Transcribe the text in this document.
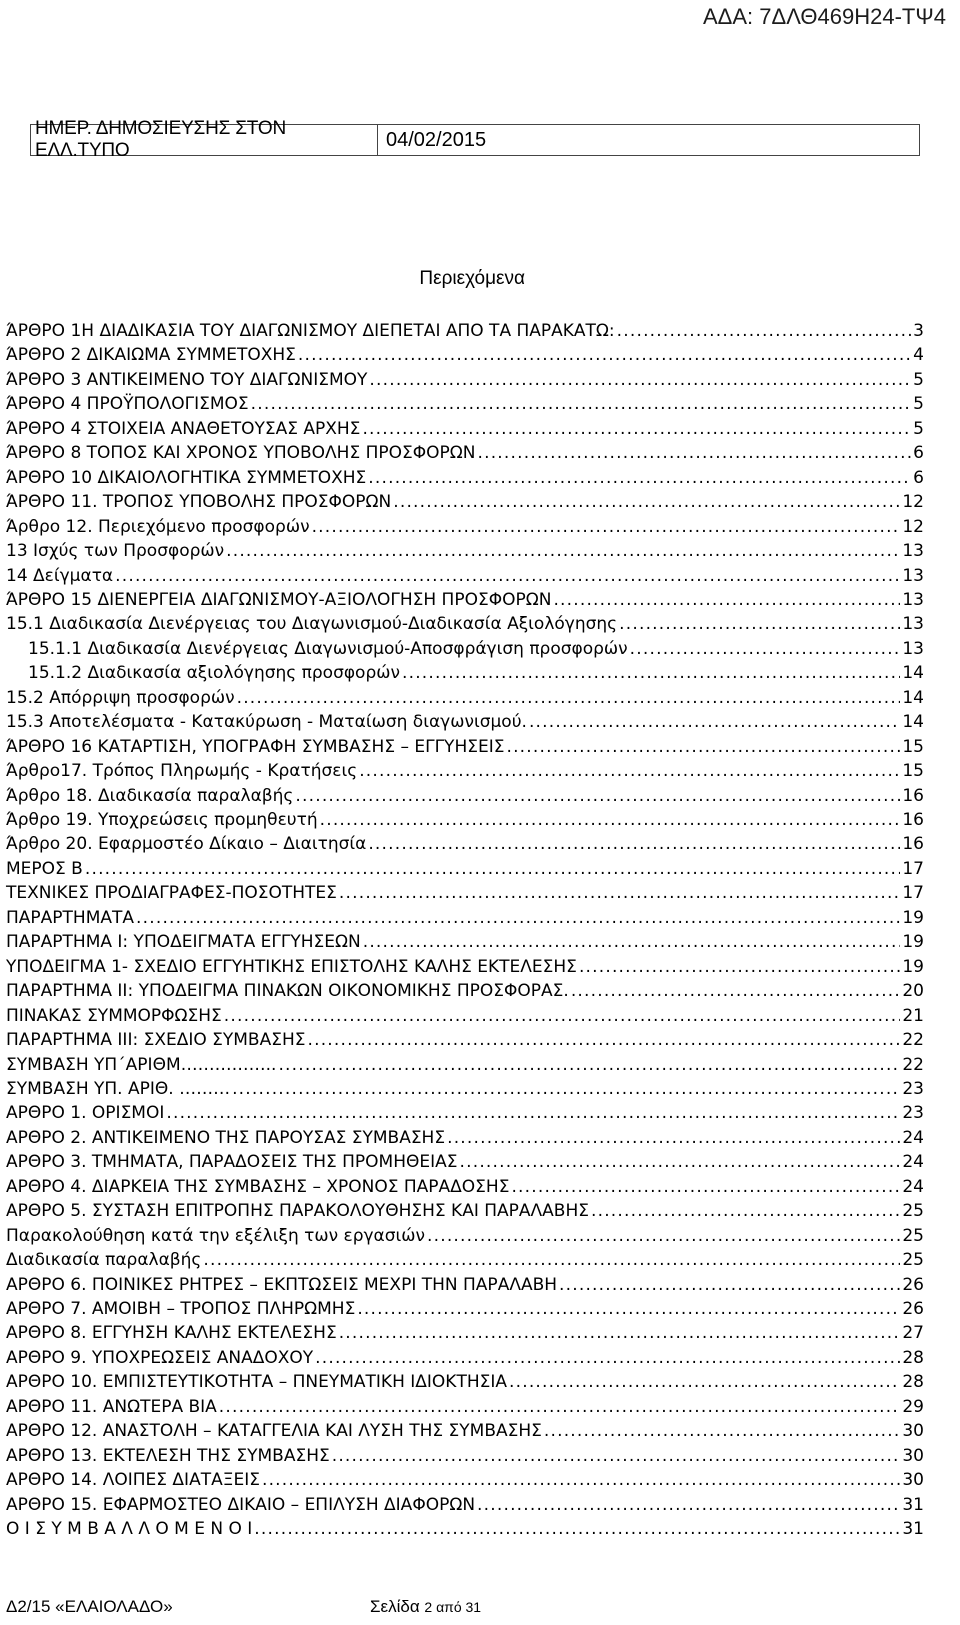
ΑΔΑ: 7ΔΛΘ469Η24-ΤΨ4
ΗΜΕΡ. ΔΗΜΟΣΙΕΥΣΗΣ ΣΤΟΝ ΕΛΛ.ΤΥΠΟ	04/02/2015
Περιεχόμενα
ΆΡΘΡΟ 1Η ΔΙΑΔΙΚΑΣΙΑ ΤΟΥ ΔΙΑΓΩΝΙΣΜΟΥ ΔΙΕΠΕΤΑΙ ΑΠΟ ΤΑ ΠΑΡΑΚΑΤΩ: .....	3
ΆΡΘΡΟ 2 ΔΙΚΑΙΩΜΑ ΣΥΜΜΕΤΟΧΗΣ .....	4
ΆΡΘΡΟ 3 ΑΝΤΙΚΕΙΜΕΝΟ ΤΟΥ ΔΙΑΓΩΝΙΣΜΟΥ .....	5
ΆΡΘΡΟ 4 ΠΡΟΫΠΟΛΟΓΙΣΜΟΣ .....	5
ΆΡΘΡΟ 4 ΣΤΟΙΧΕΙΑ ΑΝΑΘΕΤΟΥΣΑΣ ΑΡΧΗΣ .....	5
ΆΡΘΡΟ 8 ΤΟΠΟΣ ΚΑΙ ΧΡΟΝΟΣ ΥΠΟΒΟΛΗΣ ΠΡΟΣΦΟΡΩΝ .....	6
ΆΡΘΡΟ 10 ΔΙΚΑΙΟΛΟΓΗΤΙΚΑ ΣΥΜΜΕΤΟΧΗΣ .....	6
ΆΡΘΡΟ 11. ΤΡΟΠΟΣ ΥΠΟΒΟΛΗΣ ΠΡΟΣΦΟΡΩΝ .....	12
Άρθρο 12. Περιεχόμενο προσφορών .....	12
13 Ισχύς των Προσφορών .....	13
14 Δείγματα .....	13
ΆΡΘΡΟ 15 ΔΙΕΝΕΡΓΕΙΑ ΔΙΑΓΩΝΙΣΜΟΥ-ΑΞΙΟΛΟΓΗΣΗ ΠΡΟΣΦΟΡΩΝ .....	13
15.1 Διαδικασία Διενέργειας του Διαγωνισμού-Διαδικασία Αξιολόγησης .....	13
15.1.1 Διαδικασία Διενέργειας Διαγωνισμού-Αποσφράγιση προσφορών .....	13
15.1.2 Διαδικασία αξιολόγησης προσφορών .....	14
15.2 Απόρριψη προσφορών .....	14
15.3 Αποτελέσματα - Κατακύρωση - Ματαίωση διαγωνισμού. .....	14
ΆΡΘΡΟ 16 ΚΑΤΑΡΤΙΣΗ, ΥΠΟΓΡΑΦΗ ΣΥΜΒΑΣΗΣ – ΕΓΓΥΗΣΕΙΣ .....	15
Άρθρο17. Τρόπος Πληρωμής - Κρατήσεις .....	15
Άρθρο 18. Διαδικασία παραλαβής .....	16
Άρθρο 19. Υποχρεώσεις προμηθευτή .....	16
Άρθρο 20. Εφαρμοστέο Δίκαιο – Διαιτησία .....	16
ΜΕΡΟΣ Β .....	17
ΤΕΧΝΙΚΕΣ ΠΡΟΔΙΑΓΡΑΦΕΣ-ΠΟΣΟΤΗΤΕΣ .....	17
ΠΑΡΑΡΤΗΜΑΤΑ .....	19
ΠΑΡΑΡΤΗΜΑ Ι: ΥΠΟΔΕΙΓΜΑΤΑ ΕΓΓΥΗΣΕΩΝ .....	19
ΥΠΟΔΕΙΓΜΑ 1- ΣΧΕΔΙΟ ΕΓΓΥΗΤΙΚΗΣ ΕΠΙΣΤΟΛΗΣ ΚΑΛΗΣ ΕΚΤΕΛΕΣΗΣ .....	19
ΠΑΡΑΡΤΗΜΑ ΙΙ: ΥΠΟΔΕΙΓΜΑ ΠΙΝΑΚΩΝ ΟΙΚΟΝΟΜΙΚΗΣ ΠΡΟΣΦΟΡΑΣ. .....	20
ΠΙΝΑΚΑΣ ΣΥΜΜΟΡΦΩΣΗΣ .....	21
ΠΑΡΑΡΤΗΜΑ ΙΙΙ: ΣΧΕΔΙΟ ΣΥΜΒΑΣΗΣ .....	22
ΣΥΜΒΑΣΗ ΥΠ΄ΑΡΙΘΜ…………….. .....	22
ΣΥΜΒΑΣΗ ΥΠ. ΑΡΙΘ. ……… .....	23
ΑΡΘΡΟ 1. ΟΡΙΣΜΟΙ .....	23
ΑΡΘΡΟ 2. ΑΝΤΙΚΕΙΜΕΝΟ ΤΗΣ ΠΑΡΟΥΣΑΣ ΣΥΜΒΑΣΗΣ .....	24
ΑΡΘΡΟ 3. ΤΜΗΜΑΤΑ, ΠΑΡΑΔΟΣΕΙΣ ΤΗΣ ΠΡΟΜΗΘΕΙΑΣ .....	24
ΑΡΘΡΟ 4. ΔΙΑΡΚΕΙΑ ΤΗΣ ΣΥΜΒΑΣΗΣ – ΧΡΟΝΟΣ ΠΑΡΑΔΟΣΗΣ .....	24
ΑΡΘΡΟ 5. ΣΥΣΤΑΣΗ ΕΠΙΤΡΟΠΗΣ ΠΑΡΑΚΟΛΟΥΘΗΣΗΣ ΚΑΙ ΠΑΡΑΛΑΒΗΣ .....	25
Παρακολούθηση κατά την εξέλιξη των εργασιών .....	25
Διαδικασία παραλαβής .....	25
ΑΡΘΡΟ 6. ΠΟΙΝΙΚΕΣ ΡΗΤΡΕΣ – ΕΚΠΤΩΣΕΙΣ ΜΕΧΡΙ ΤΗΝ ΠΑΡΑΛΑΒΗ .....	26
ΑΡΘΡΟ 7. ΑΜΟΙΒΗ – ΤΡΟΠΟΣ ΠΛΗΡΩΜΗΣ .....	26
ΑΡΘΡΟ 8. ΕΓΓΥΗΣΗ ΚΑΛΗΣ ΕΚΤΕΛΕΣΗΣ .....	27
ΑΡΘΡΟ 9. ΥΠΟΧΡΕΩΣΕΙΣ ΑΝΑΔΟΧΟΥ .....	28
ΑΡΘΡΟ 10. ΕΜΠΙΣΤΕΥΤΙΚΟΤΗΤΑ – ΠΝΕΥΜΑΤΙΚΗ ΙΔΙΟΚΤΗΣΙΑ .....	28
ΑΡΘΡΟ 11. ΑΝΩΤΕΡΑ ΒΙΑ .....	29
ΑΡΘΡΟ 12. ΑΝΑΣΤΟΛΗ – ΚΑΤΑΓΓΕΛΙΑ ΚΑΙ ΛΥΣΗ ΤΗΣ ΣΥΜΒΑΣΗΣ .....	30
ΑΡΘΡΟ 13. ΕΚΤΕΛΕΣΗ ΤΗΣ ΣΥΜΒΑΣΗΣ .....	30
ΑΡΘΡΟ 14. ΛΟΙΠΕΣ ΔΙΑΤΑΞΕΙΣ .....	30
ΑΡΘΡΟ 15. ΕΦΑΡΜΟΣΤΕΟ ΔΙΚΑΙΟ – ΕΠΙΛΥΣΗ ΔΙΑΦΟΡΩΝ .....	31
Ο Ι Σ Υ Μ Β Α Λ Λ Ο Μ Ε Ν Ο Ι .....	31
Δ2/15 «ΕΛΑΙΟΛΑΔΟ»	Σελίδα 2 από 31
